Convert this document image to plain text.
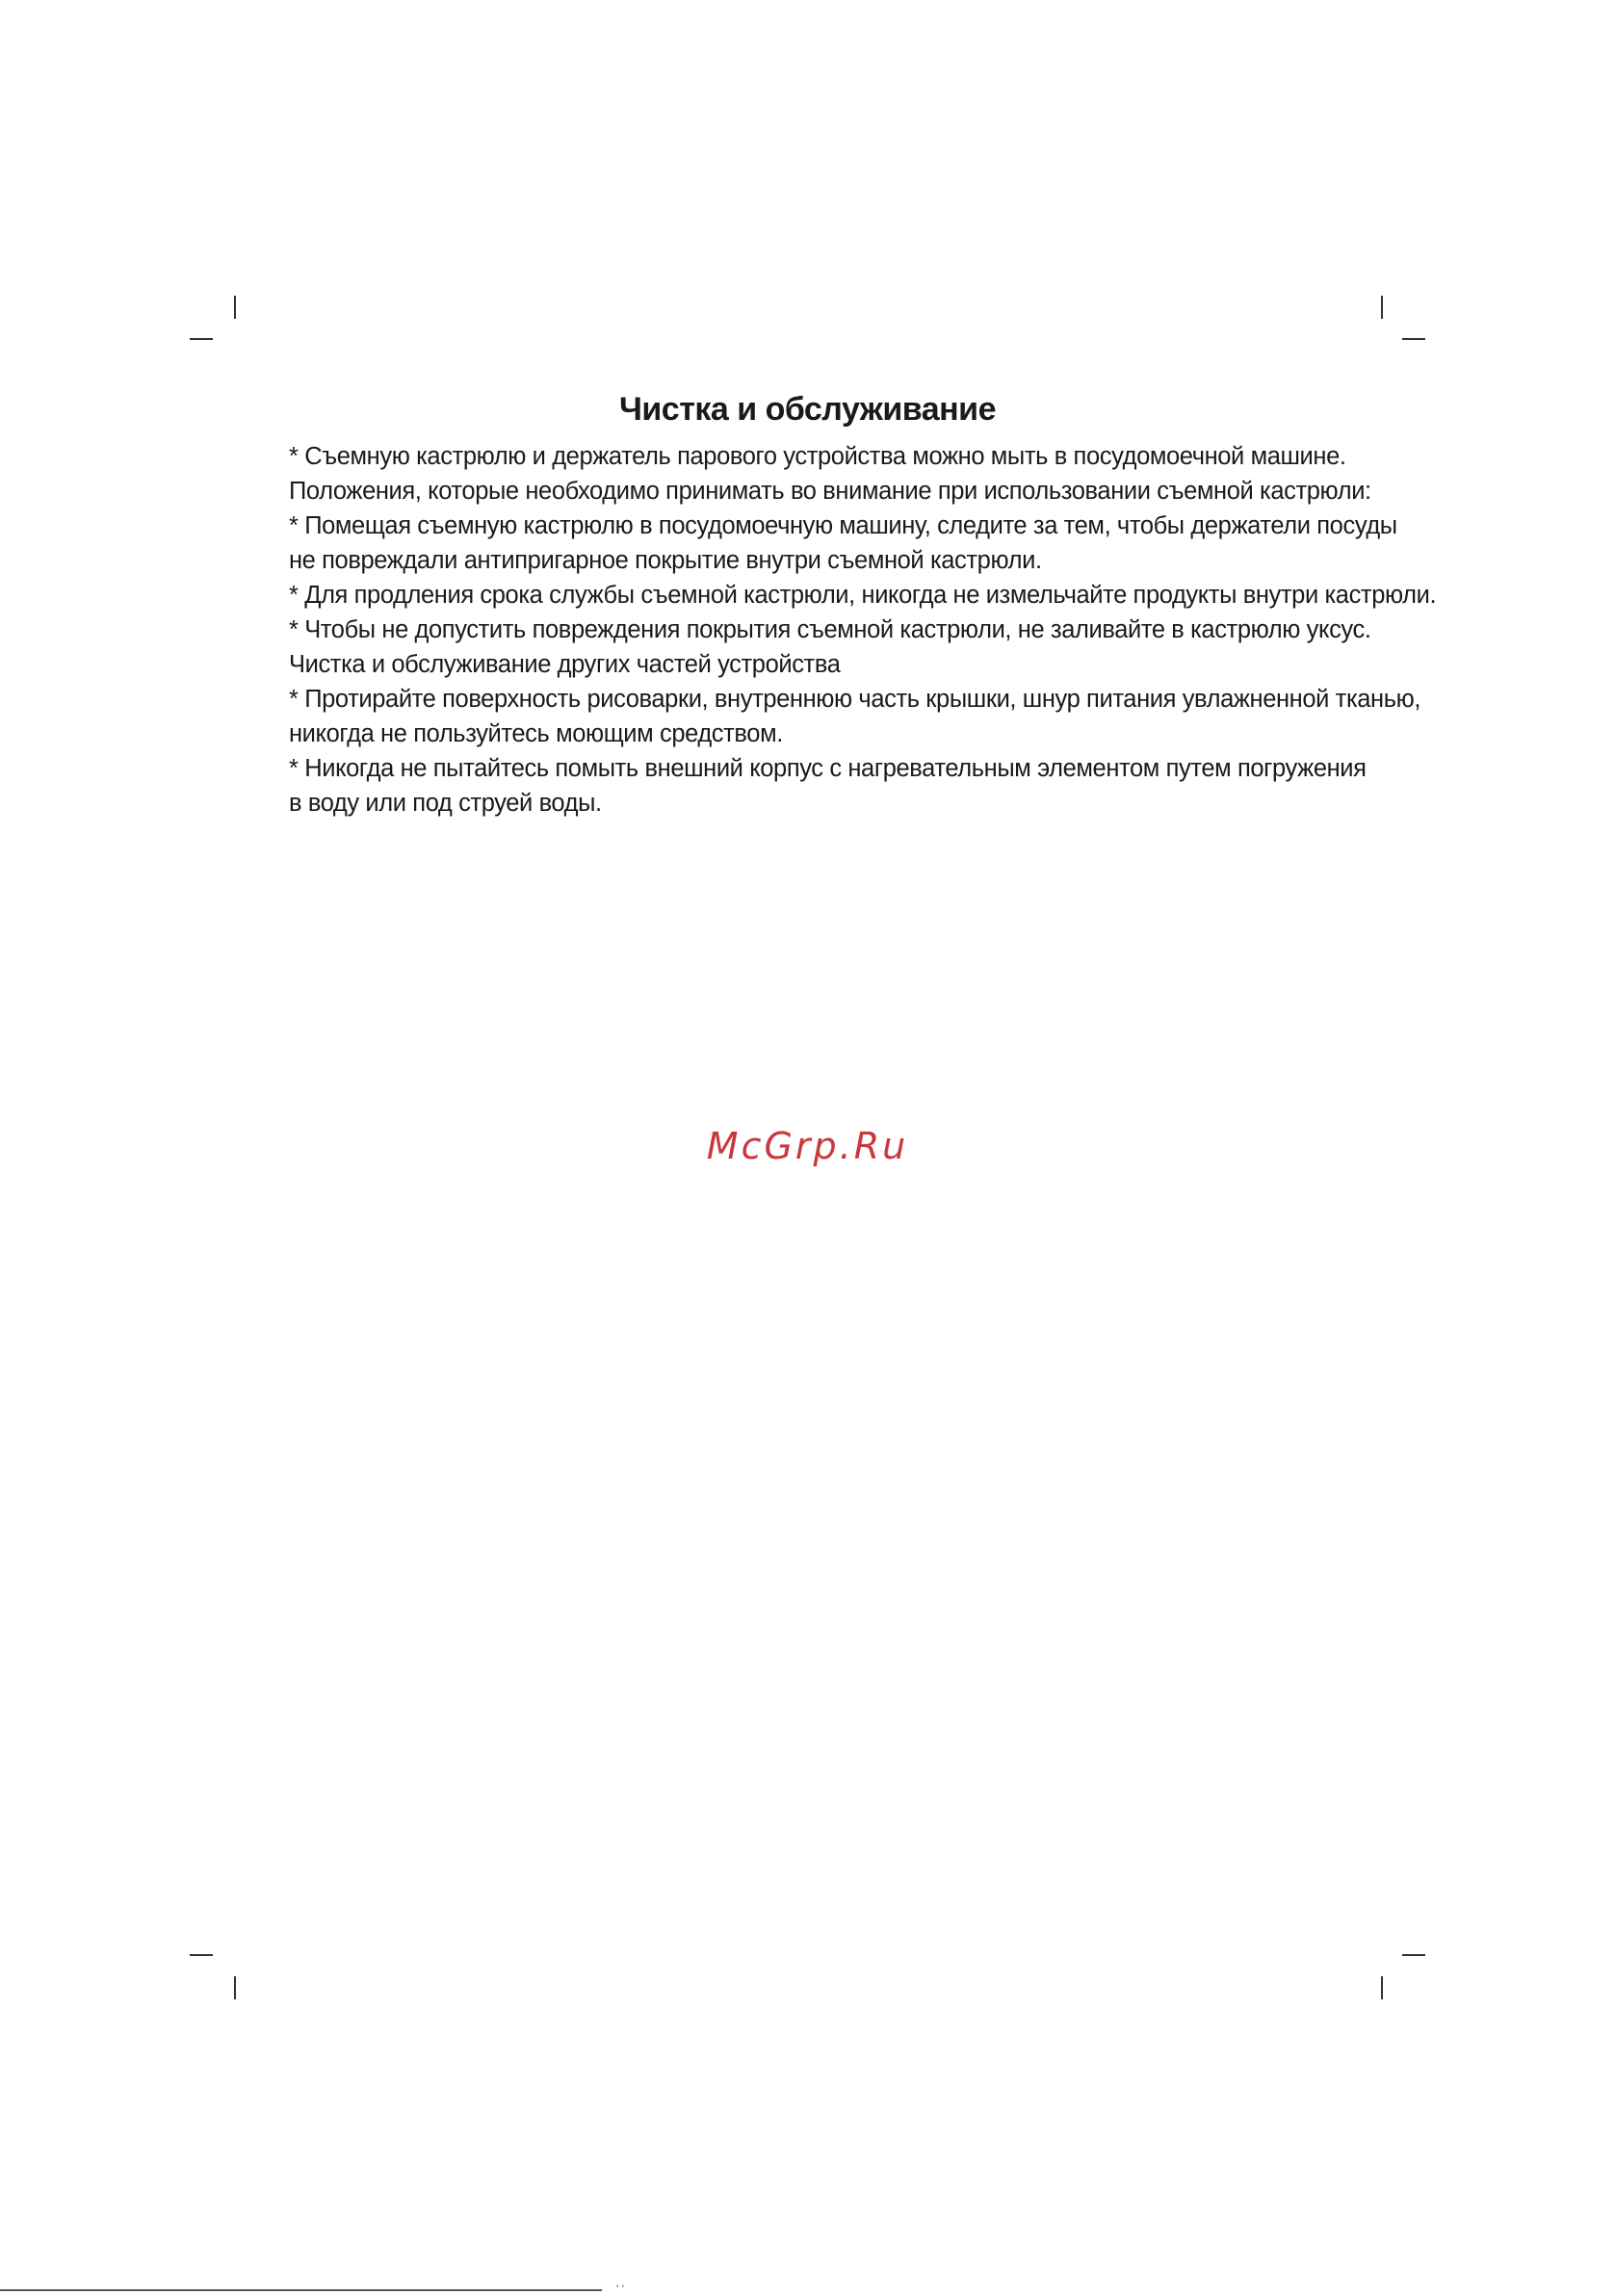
Чистка и обслуживание
* Съемную кастрюлю и держатель парового устройства можно мыть в посудомоечной машине.
Положения, которые необходимо принимать во внимание при использовании съемной кастрюли:
* Помещая съемную кастрюлю в посудомоечную машину, следите за тем, чтобы держатели посуды
не повреждали антипригарное покрытие внутри съемной кастрюли.
* Для продления срока службы съемной кастрюли, никогда не измельчайте продукты внутри кастрюли.
* Чтобы не допустить повреждения покрытия съемной кастрюли, не заливайте в кастрюлю уксус.
Чистка и обслуживание других частей устройства
* Протирайте поверхность рисоварки, внутреннюю часть крышки, шнур питания увлажненной тканью,
никогда не пользуйтесь моющим средством.
* Никогда не пытайтесь помыть внешний корпус с нагревательным элементом путем погружения
в воду или под струей воды.
McGrp.Ru
' '
